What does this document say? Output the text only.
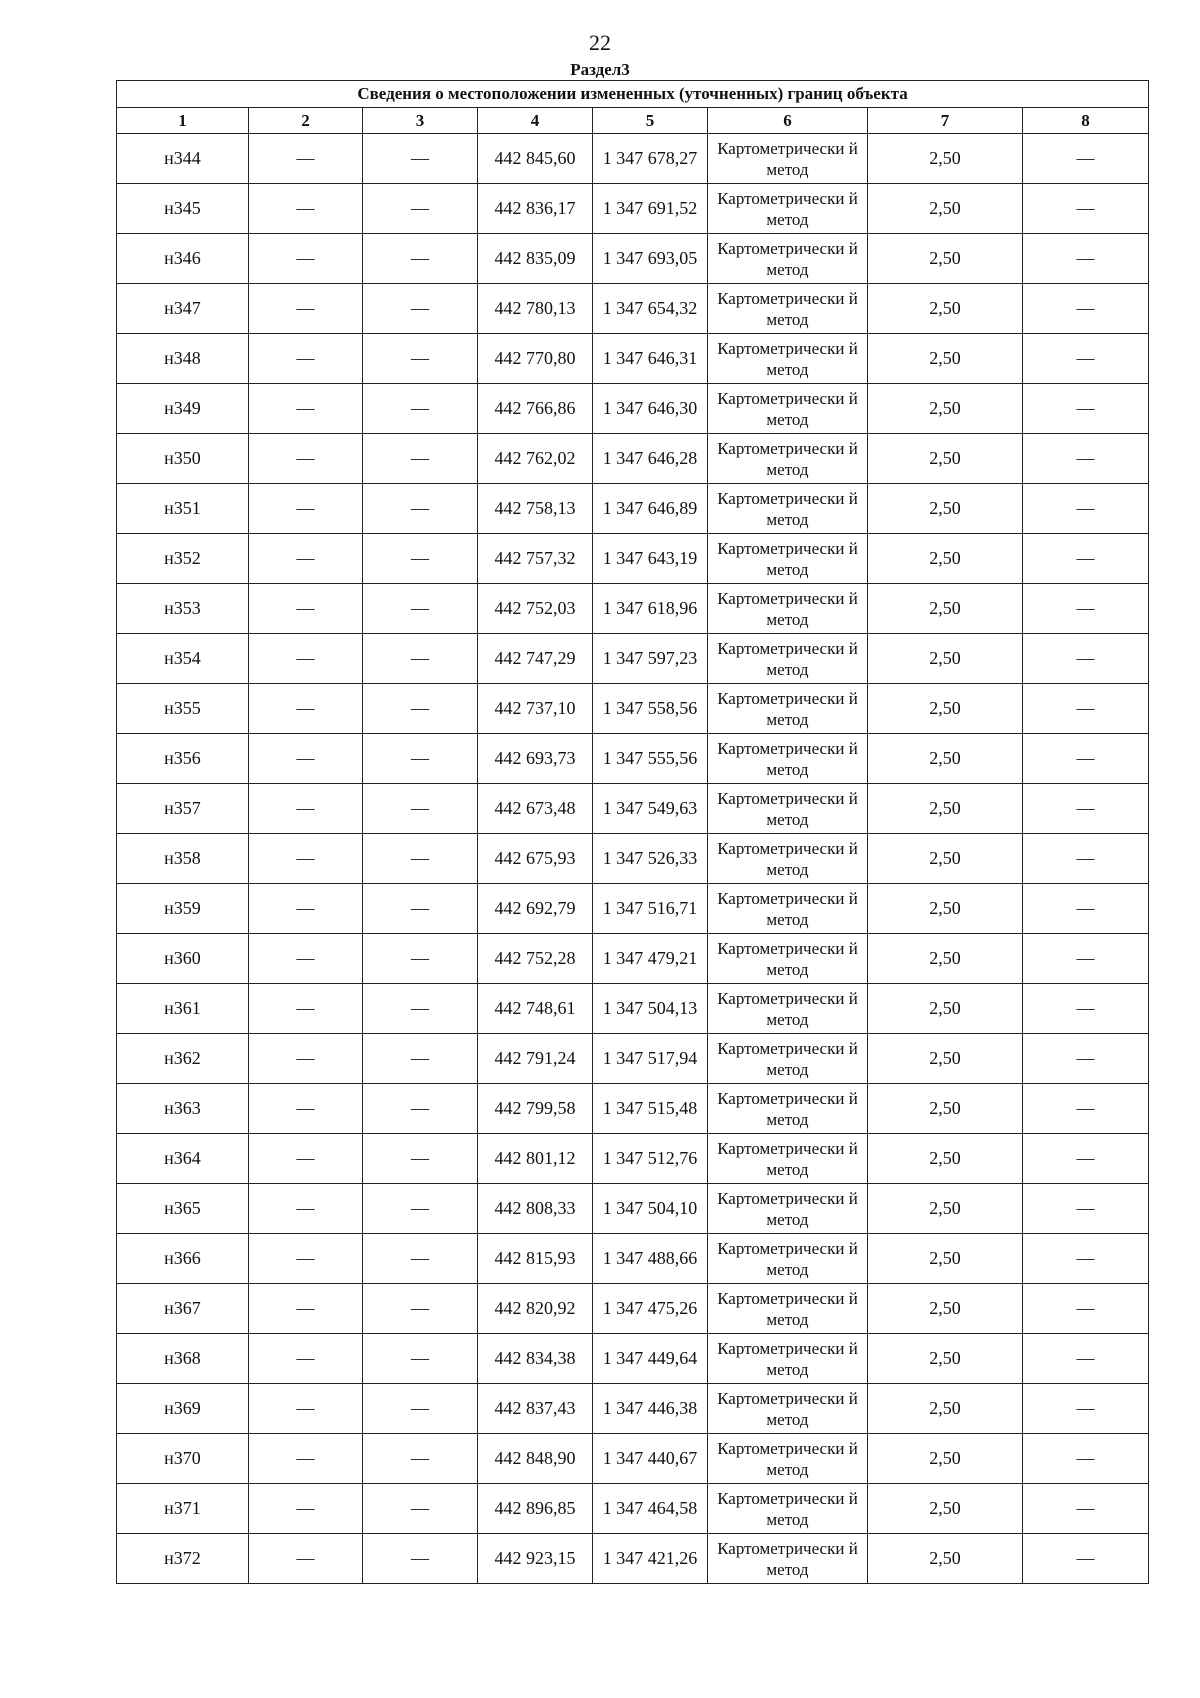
22
Раздел3
Сведения о местоположении измененных (уточненных) границ объекта							
1	2	3	4	5	6	7	8
н344	—	—	442 845,60	1 347 678,27	Картометрически й метод	2,50	—
н345	—	—	442 836,17	1 347 691,52	Картометрически й метод	2,50	—
н346	—	—	442 835,09	1 347 693,05	Картометрически й метод	2,50	—
н347	—	—	442 780,13	1 347 654,32	Картометрически й метод	2,50	—
н348	—	—	442 770,80	1 347 646,31	Картометрически й метод	2,50	—
н349	—	—	442 766,86	1 347 646,30	Картометрически й метод	2,50	—
н350	—	—	442 762,02	1 347 646,28	Картометрически й метод	2,50	—
н351	—	—	442 758,13	1 347 646,89	Картометрически й метод	2,50	—
н352	—	—	442 757,32	1 347 643,19	Картометрически й метод	2,50	—
н353	—	—	442 752,03	1 347 618,96	Картометрически й метод	2,50	—
н354	—	—	442 747,29	1 347 597,23	Картометрически й метод	2,50	—
н355	—	—	442 737,10	1 347 558,56	Картометрически й метод	2,50	—
н356	—	—	442 693,73	1 347 555,56	Картометрически й метод	2,50	—
н357	—	—	442 673,48	1 347 549,63	Картометрически й метод	2,50	—
н358	—	—	442 675,93	1 347 526,33	Картометрически й метод	2,50	—
н359	—	—	442 692,79	1 347 516,71	Картометрически й метод	2,50	—
н360	—	—	442 752,28	1 347 479,21	Картометрически й метод	2,50	—
н361	—	—	442 748,61	1 347 504,13	Картометрически й метод	2,50	—
н362	—	—	442 791,24	1 347 517,94	Картометрически й метод	2,50	—
н363	—	—	442 799,58	1 347 515,48	Картометрически й метод	2,50	—
н364	—	—	442 801,12	1 347 512,76	Картометрически й метод	2,50	—
н365	—	—	442 808,33	1 347 504,10	Картометрически й метод	2,50	—
н366	—	—	442 815,93	1 347 488,66	Картометрически й метод	2,50	—
н367	—	—	442 820,92	1 347 475,26	Картометрически й метод	2,50	—
н368	—	—	442 834,38	1 347 449,64	Картометрически й метод	2,50	—
н369	—	—	442 837,43	1 347 446,38	Картометрически й метод	2,50	—
н370	—	—	442 848,90	1 347 440,67	Картометрически й метод	2,50	—
н371	—	—	442 896,85	1 347 464,58	Картометрически й метод	2,50	—
н372	—	—	442 923,15	1 347 421,26	Картометрически й метод	2,50	—
